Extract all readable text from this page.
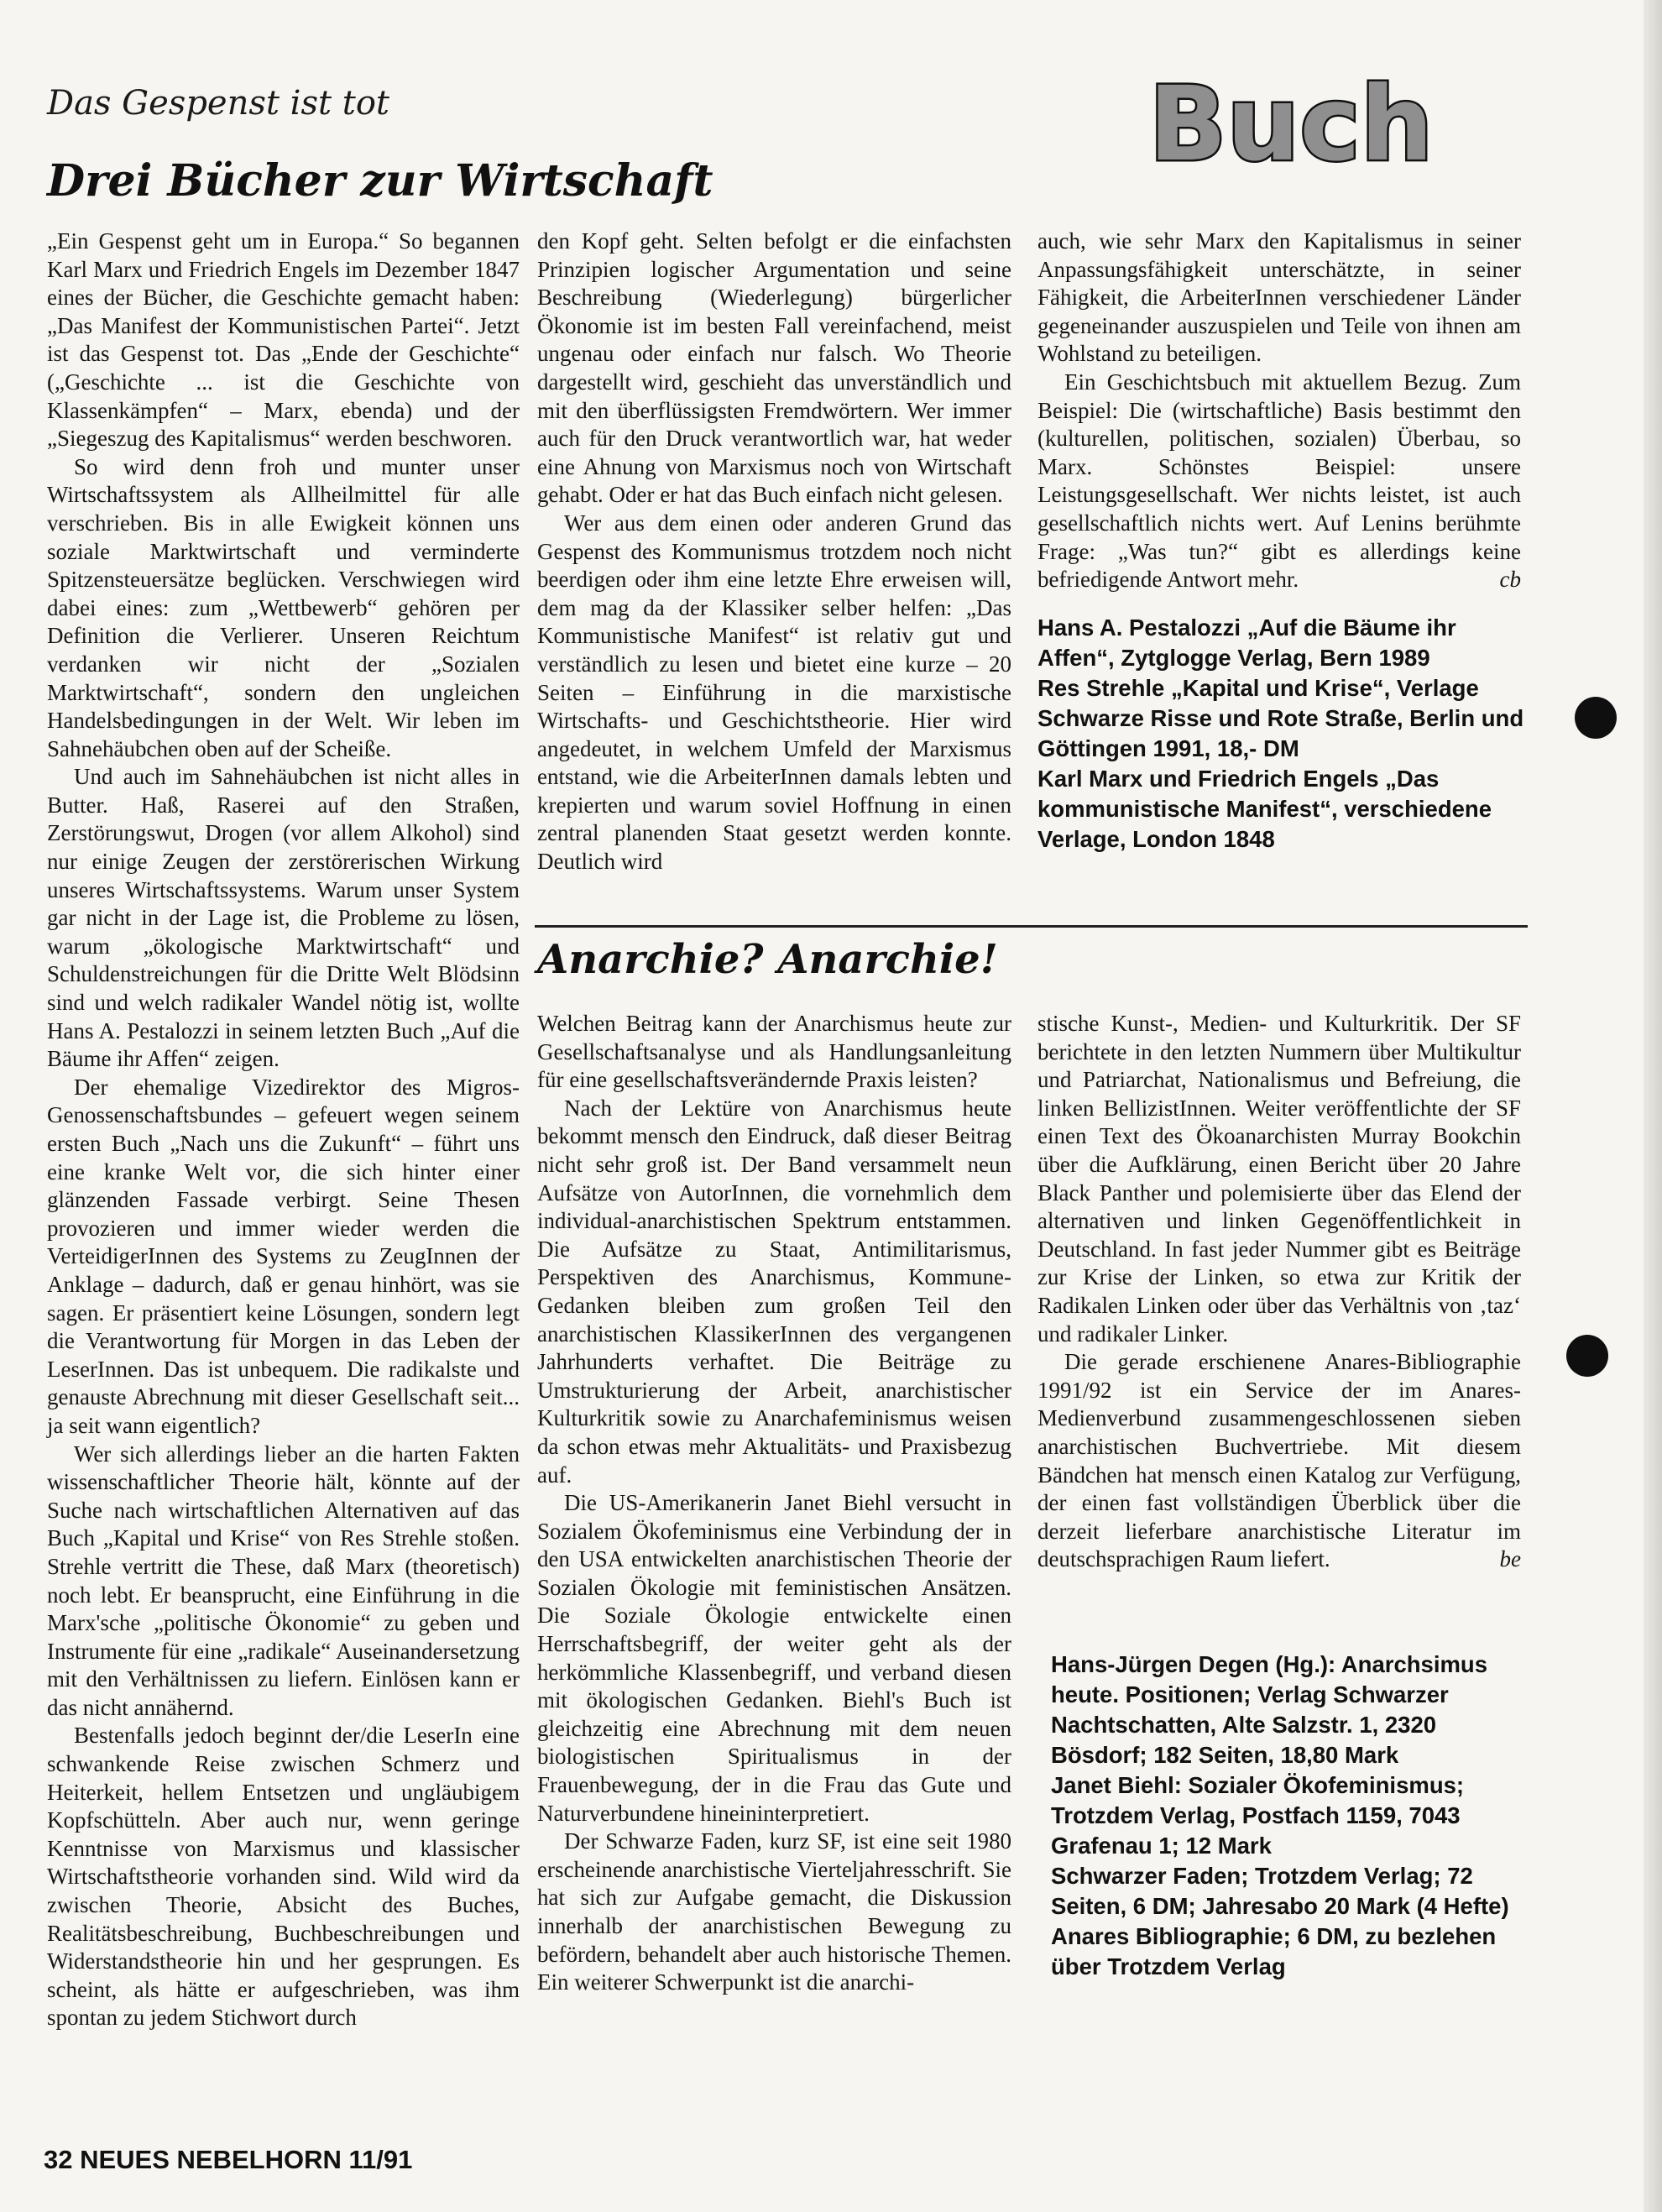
Das Gespenst ist tot

Drei Bücher zur Wirtschaft	Buch

„Ein Gespenst geht um in Europa.“ So begannen Karl Marx und Friedrich Engels im Dezember 1847 eines der Bücher, die Geschichte gemacht haben: „Das Manifest der Kommunistischen Partei“. Jetzt ist das Gespenst tot. Das „Ende der Geschichte“ („Geschichte ... ist die Geschichte von Klassenkämpfen“ – Marx, ebenda) und der „Siegeszug des Kapitalismus“ werden beschworen.

So wird denn froh und munter unser Wirtschaftssystem als Allheilmittel für alle verschrieben. Bis in alle Ewigkeit können uns soziale Marktwirtschaft und verminderte Spitzensteuersätze beglücken. Verschwiegen wird dabei eines: zum „Wettbewerb“ gehören per Definition die Verlierer. Unseren Reichtum verdanken wir nicht der „Sozialen Marktwirtschaft“, sondern den ungleichen Handelsbedingungen in der Welt. Wir leben im Sahnehäubchen oben auf der Scheiße.

Und auch im Sahnehäubchen ist nicht alles in Butter. Haß, Raserei auf den Straßen, Zerstörungswut, Drogen (vor allem Alkohol) sind nur einige Zeugen der zerstörerischen Wirkung unseres Wirtschaftssystems. Warum unser System gar nicht in der Lage ist, die Probleme zu lösen, warum „ökologische Marktwirtschaft“ und Schuldenstreichungen für die Dritte Welt Blödsinn sind und welch radikaler Wandel nötig ist, wollte Hans A. Pestalozzi in seinem letzten Buch „Auf die Bäume ihr Affen“ zeigen.

Der ehemalige Vizedirektor des Migros-Genossenschaftsbundes – gefeuert wegen seinem ersten Buch „Nach uns die Zukunft“ – führt uns eine kranke Welt vor, die sich hinter einer glänzenden Fassade verbirgt. Seine Thesen provozieren und immer wieder werden die VerteidigerInnen des Systems zu ZeugInnen der Anklage – dadurch, daß er genau hinhört, was sie sagen. Er präsentiert keine Lösungen, sondern legt die Verantwortung für Morgen in das Leben der LeserInnen. Das ist unbequem. Die radikalste und genauste Abrechnung mit dieser Gesellschaft seit... ja seit wann eigentlich?

Wer sich allerdings lieber an die harten Fakten wissenschaftlicher Theorie hält, könnte auf der Suche nach wirtschaftlichen Alternativen auf das Buch „Kapital und Krise“ von Res Strehle stoßen. Strehle vertritt die These, daß Marx (theoretisch) noch lebt. Er beansprucht, eine Einführung in die Marx'sche „politische Ökonomie“ zu geben und Instrumente für eine „radikale“ Auseinandersetzung mit den Verhältnissen zu liefern. Einlösen kann er das nicht annähernd.

Bestenfalls jedoch beginnt der/die LeserIn eine schwankende Reise zwischen Schmerz und Heiterkeit, hellem Entsetzen und ungläubigem Kopfschütteln. Aber auch nur, wenn geringe Kenntnisse von Marxismus und klassischer Wirtschaftstheorie vorhanden sind. Wild wird da zwischen Theorie, Absicht des Buches, Realitätsbeschreibung, Buchbeschreibungen und Widerstandstheorie hin und her gesprungen. Es scheint, als hätte er aufgeschrieben, was ihm spontan zu jedem Stichwort durch

den Kopf geht. Selten befolgt er die einfachsten Prinzipien logischer Argumentation und seine Beschreibung (Wiederlegung) bürgerlicher Ökonomie ist im besten Fall vereinfachend, meist ungenau oder einfach nur falsch. Wo Theorie dargestellt wird, geschieht das unverständlich und mit den überflüssigsten Fremdwörtern. Wer immer auch für den Druck verantwortlich war, hat weder eine Ahnung von Marxismus noch von Wirtschaft gehabt. Oder er hat das Buch einfach nicht gelesen.

Wer aus dem einen oder anderen Grund das Gespenst des Kommunismus trotzdem noch nicht beerdigen oder ihm eine letzte Ehre erweisen will, dem mag da der Klassiker selber helfen: „Das Kommunistische Manifest“ ist relativ gut und verständlich zu lesen und bietet eine kurze – 20 Seiten – Einführung in die marxistische Wirtschafts- und Geschichtstheorie. Hier wird angedeutet, in welchem Umfeld der Marxismus entstand, wie die ArbeiterInnen damals lebten und krepierten und warum soviel Hoffnung in einen zentral planenden Staat gesetzt werden konnte. Deutlich wird

auch, wie sehr Marx den Kapitalismus in seiner Anpassungsfähigkeit unterschätzte, in seiner Fähigkeit, die ArbeiterInnen verschiedener Länder gegeneinander auszuspielen und Teile von ihnen am Wohlstand zu beteiligen.

Ein Geschichtsbuch mit aktuellem Bezug. Zum Beispiel: Die (wirtschaftliche) Basis bestimmt den (kulturellen, politischen, sozialen) Überbau, so Marx. Schönstes Beispiel: unsere Leistungsgesellschaft. Wer nichts leistet, ist auch gesellschaftlich nichts wert. Auf Lenins berühmte Frage: „Was tun?“ gibt es allerdings keine befriedigende Antwort mehr.	cb

Hans A. Pestalozzi „Auf die Bäume ihr Affen“, Zytglogge Verlag, Bern 1989

Res Strehle „Kapital und Krise“, Verlage Schwarze Risse und Rote Straße, Berlin und Göttingen 1991, 18,- DM

Karl Marx und Friedrich Engels „Das kommunistische Manifest“, verschiedene Verlage, London 1848

Anarchie? Anarchie!

Welchen Beitrag kann der Anarchismus heute zur Gesellschaftsanalyse und als Handlungsanleitung für eine gesellschaftsverändernde Praxis leisten?

Nach der Lektüre von Anarchismus heute bekommt mensch den Eindruck, daß dieser Beitrag nicht sehr groß ist. Der Band versammelt neun Aufsätze von AutorInnen, die vornehmlich dem individual-anarchistischen Spektrum entstammen. Die Aufsätze zu Staat, Antimilitarismus, Perspektiven des Anarchismus, Kommune-Gedanken bleiben zum großen Teil den anarchistischen KlassikerInnen des vergangenen Jahrhunderts verhaftet. Die Beiträge zu Umstrukturierung der Arbeit, anarchistischer Kulturkritik sowie zu Anarchafeminismus weisen da schon etwas mehr Aktualitäts- und Praxisbezug auf.

Die US-Amerikanerin Janet Biehl versucht in Sozialem Ökofeminismus eine Verbindung der in den USA entwickelten anarchistischen Theorie der Sozialen Ökologie mit feministischen Ansätzen. Die Soziale Ökologie entwickelte einen Herrschaftsbegriff, der weiter geht als der herkömmliche Klassenbegriff, und verband diesen mit ökologischen Gedanken. Biehl's Buch ist gleichzeitig eine Abrechnung mit dem neuen biologistischen Spiritualismus in der Frauenbewegung, der in die Frau das Gute und Naturverbundene hineininterpretiert.

Der Schwarze Faden, kurz SF, ist eine seit 1980 erscheinende anarchistische Vierteljahresschrift. Sie hat sich zur Aufgabe gemacht, die Diskussion innerhalb der anarchistischen Bewegung zu befördern, behandelt aber auch historische Themen. Ein weiterer Schwerpunkt ist die anarchi-

stische Kunst-, Medien- und Kulturkritik. Der SF berichtete in den letzten Nummern über Multikultur und Patriarchat, Nationalismus und Befreiung, die linken BellizistInnen. Weiter veröffentlichte der SF einen Text des Ökoanarchisten Murray Bookchin über die Aufklärung, einen Bericht über 20 Jahre Black Panther und polemisierte über das Elend der alternativen und linken Gegenöffentlichkeit in Deutschland. In fast jeder Nummer gibt es Beiträge zur Krise der Linken, so etwa zur Kritik der Radikalen Linken oder über das Verhältnis von ‚taz‘ und radikaler Linker.

Die gerade erschienene Anares-Bibliographie 1991/92 ist ein Service der im Anares-Medienverbund zusammengeschlossenen sieben anarchistischen Buchvertriebe. Mit diesem Bändchen hat mensch einen Katalog zur Verfügung, der einen fast vollständigen Überblick über die derzeit lieferbare anarchistische Literatur im deutschsprachigen Raum liefert.	be

Hans-Jürgen Degen (Hg.): Anarchsimus heute. Positionen; Verlag Schwarzer Nachtschatten, Alte Salzstr. 1, 2320 Bösdorf; 182 Seiten, 18,80 Mark

Janet Biehl: Sozialer Ökofeminismus; Trotzdem Verlag, Postfach 1159, 7043 Grafenau 1; 12 Mark

Schwarzer Faden; Trotzdem Verlag; 72 Seiten, 6 DM; Jahresabo 20 Mark (4 Hefte)

Anares Bibliographie; 6 DM, zu bezlehen über Trotzdem Verlag

32 NEUES NEBELHORN 11/91
